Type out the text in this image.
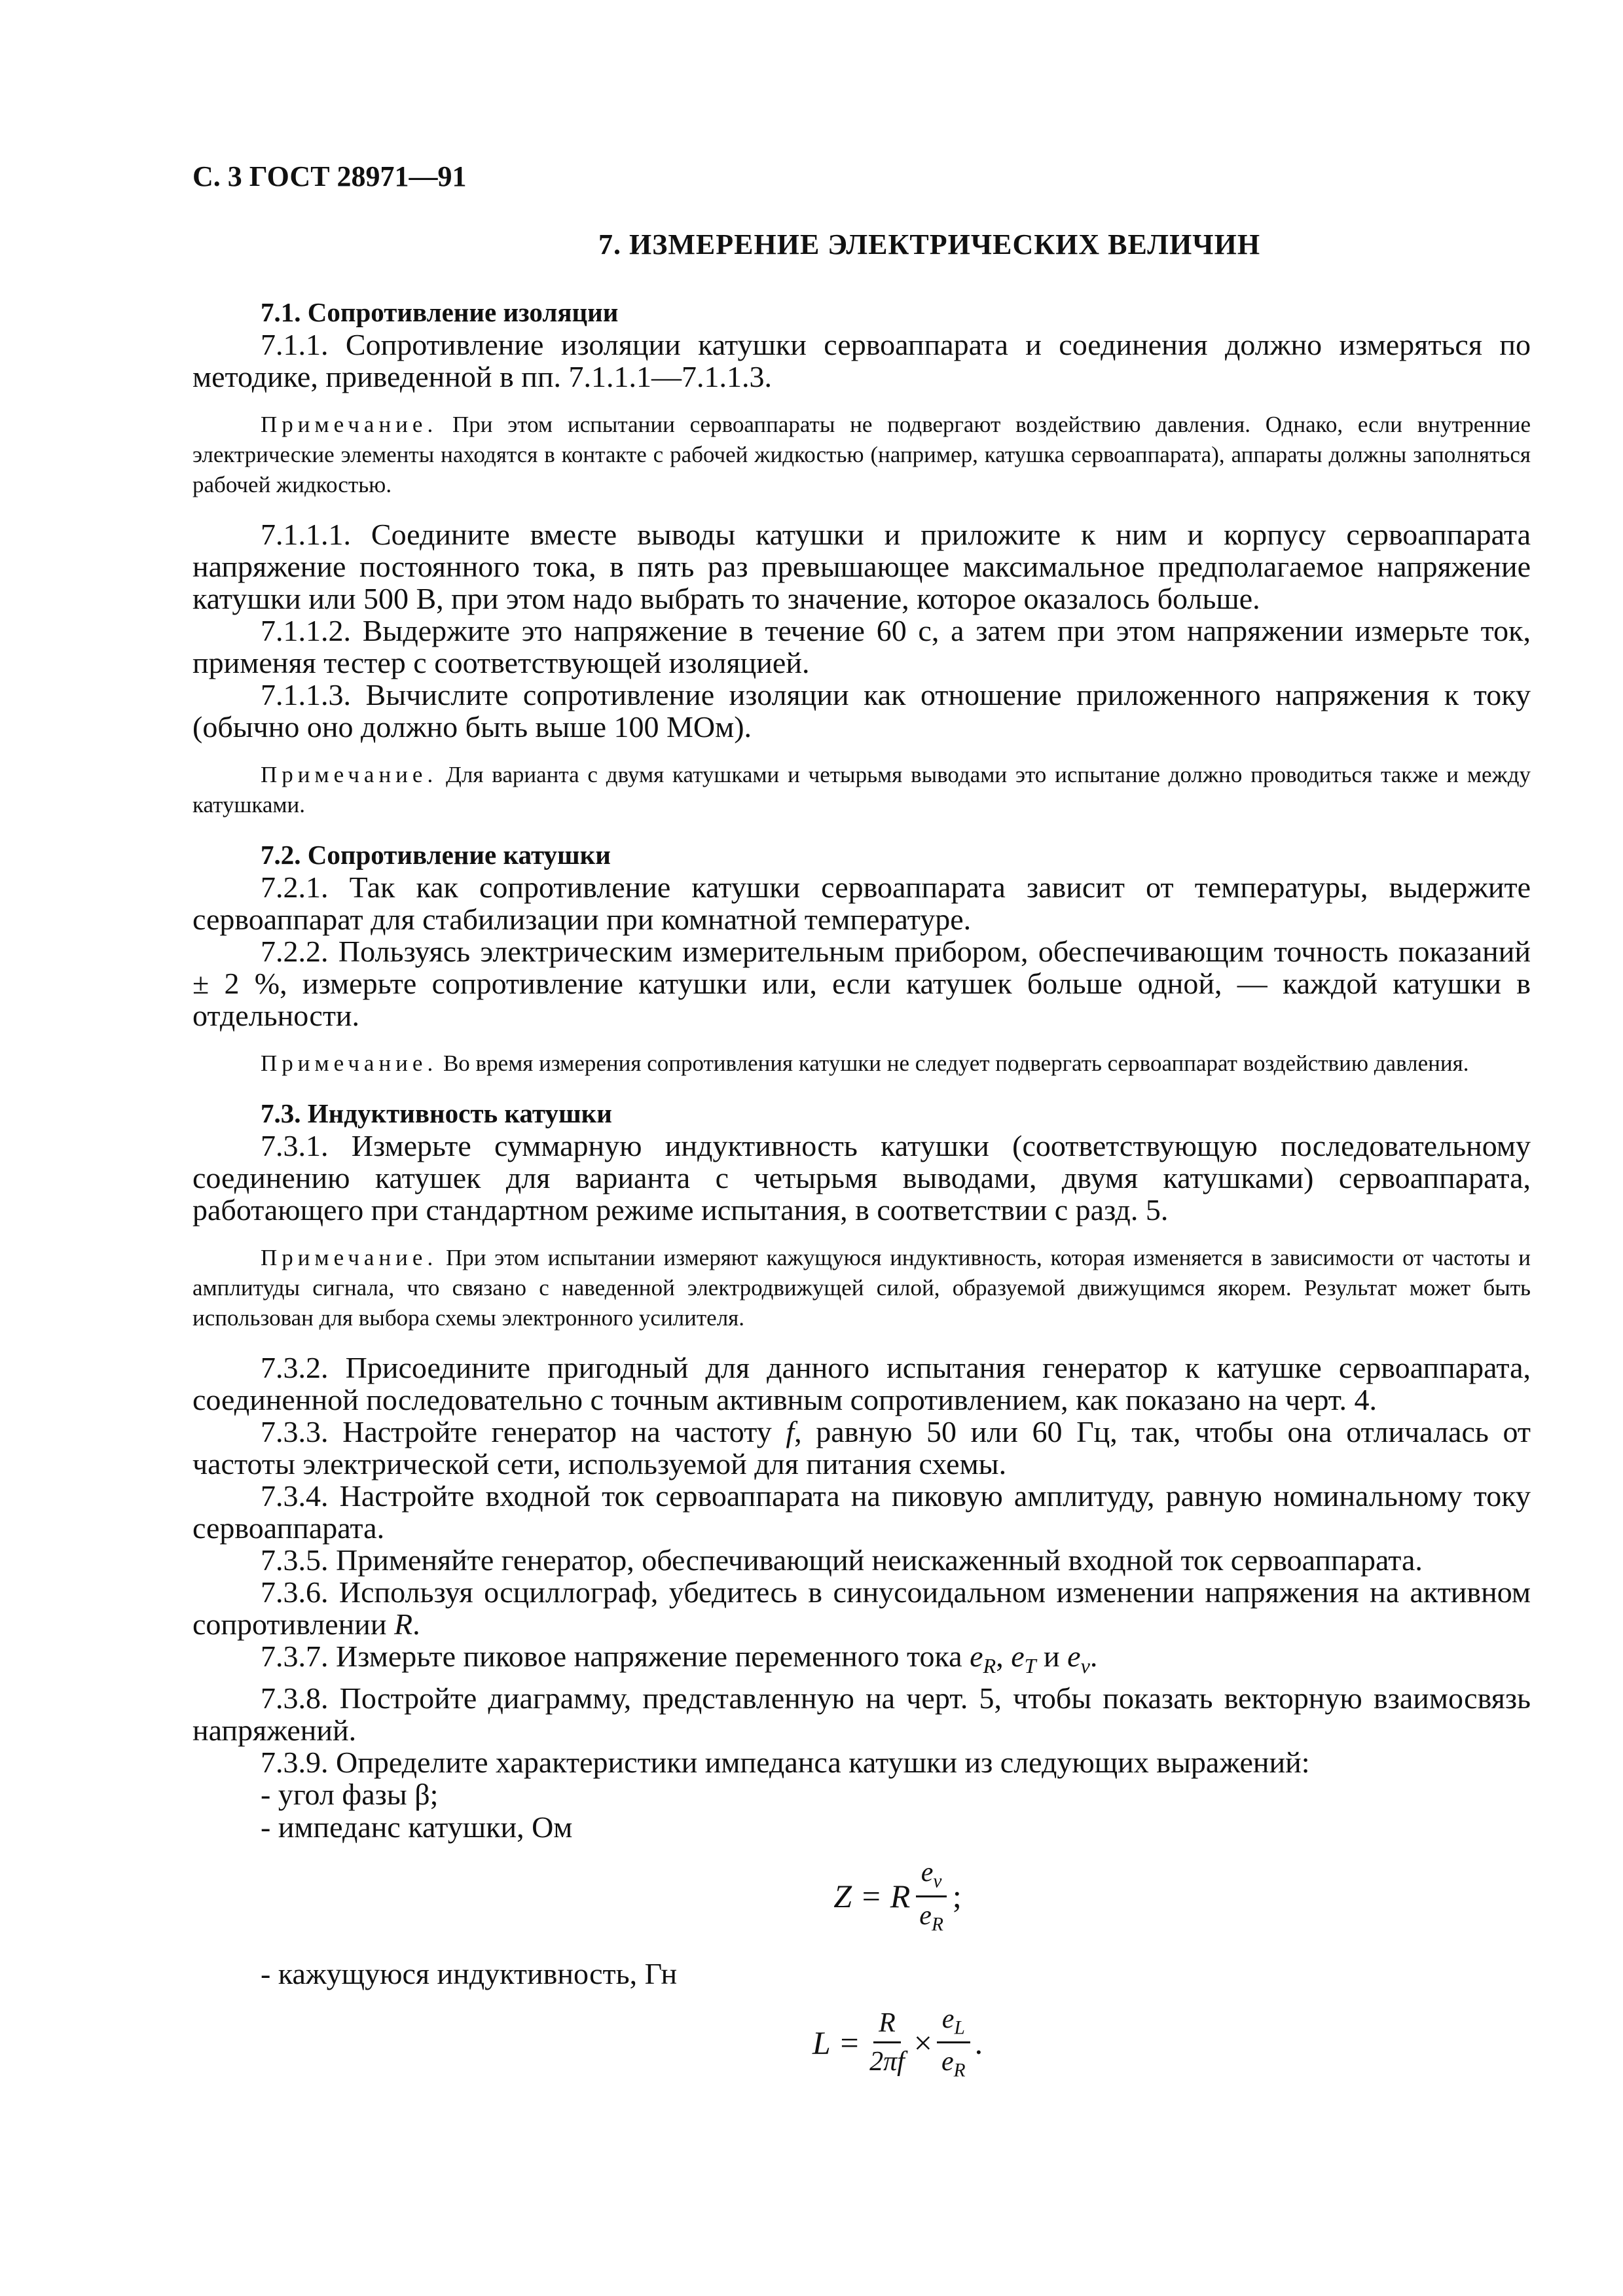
С. 3 ГОСТ 28971—91
7. ИЗМЕРЕНИЕ ЭЛЕКТРИЧЕСКИХ ВЕЛИЧИН

7.1. Сопротивление изоляции

7.1.1. Сопротивление изоляции катушки сервоаппарата и соединения должно измеряться по методике, приведенной в пп. 7.1.1.1—7.1.1.3.

Примечание. При этом испытании сервоаппараты не подвергают воздействию давления. Однако, если внутренние электрические элементы находятся в контакте с рабочей жидкостью (например, катушка сервоаппарата), аппараты должны заполняться рабочей жидкостью.

7.1.1.1. Соедините вместе выводы катушки и приложите к ним и корпусу сервоаппарата напряжение постоянного тока, в пять раз превышающее максимальное предполагаемое напряжение катушки или 500 В, при этом надо выбрать то значение, которое оказалось больше.

7.1.1.2. Выдержите это напряжение в течение 60 с, а затем при этом напряжении измерьте ток, применяя тестер с соответствующей изоляцией.

7.1.1.3. Вычислите сопротивление изоляции как отношение приложенного напряжения к току (обычно оно должно быть выше 100 МОм).

Примечание. Для варианта с двумя катушками и четырьмя выводами это испытание должно проводиться также и между катушками.

7.2. Сопротивление катушки

7.2.1. Так как сопротивление катушки сервоаппарата зависит от температуры, выдержите сервоаппарат для стабилизации при комнатной температуре.

7.2.2. Пользуясь электрическим измерительным прибором, обеспечивающим точность показаний ± 2 %, измерьте сопротивление катушки или, если катушек больше одной, — каждой катушки в отдельности.

Примечание. Во время измерения сопротивления катушки не следует подвергать сервоаппарат воздействию давления.

7.3. Индуктивность катушки

7.3.1. Измерьте суммарную индуктивность катушки (соответствующую последовательному соединению катушек для варианта с четырьмя выводами, двумя катушками) сервоаппарата, работающего при стандартном режиме испытания, в соответствии с разд. 5.

Примечание. При этом испытании измеряют кажущуюся индуктивность, которая изменяется в зависимости от частоты и амплитуды сигнала, что связано с наведенной электродвижущей силой, образуемой движущимся якорем. Результат может быть использован для выбора схемы электронного усилителя.

7.3.2. Присоедините пригодный для данного испытания генератор к катушке сервоаппарата, соединенной последовательно с точным активным сопротивлением, как показано на черт. 4.

7.3.3. Настройте генератор на частоту f, равную 50 или 60 Гц, так, чтобы она отличалась от частоты электрической сети, используемой для питания схемы.

7.3.4. Настройте входной ток сервоаппарата на пиковую амплитуду, равную номинальному току сервоаппарата.

7.3.5. Применяйте генератор, обеспечивающий неискаженный входной ток сервоаппарата.

7.3.6. Используя осциллограф, убедитесь в синусоидальном изменении напряжения на активном сопротивлении R.

7.3.7. Измерьте пиковое напряжение переменного тока $e_R$, $e_T$ и $e_v$.

7.3.8. Постройте диаграмму, представленную на черт. 5, чтобы показать векторную взаимосвязь напряжений.

7.3.9. Определите характеристики импеданса катушки из следующих выражений:

- угол фазы β;

- импеданс катушки, Ом

Z = R $\frac{e_v}{e_R}$ ;

- кажущуюся индуктивность, Гн

$L = \frac{R}{2\pi f} \times \frac{e_L}{e_R}$ .
